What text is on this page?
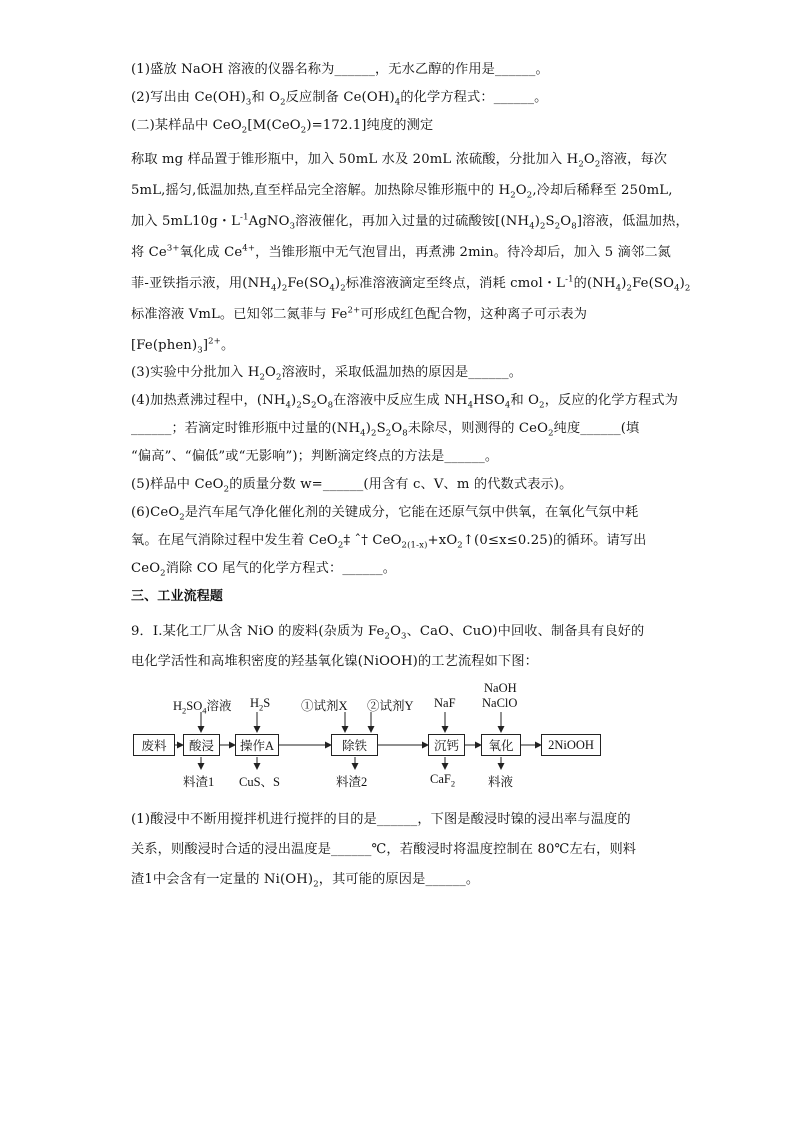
(1)盛放 NaOH 溶液的仪器名称为______，无水乙醇的作用是______。

(2)写出由 $Ce(OH)_3$和 $O_2$反应制备 $Ce(OH)_4$的化学方程式：______。

(二)某样品中 CeO$_2$[M(CeO$_2$)=172.1]纯度的测定

称取 mg 样品置于锥形瓶中，加入 50mL 水及 20mL 浓硫酸，分批加入 $H_2O_2$溶液，每次

5mL,摇匀,低温加热,直至样品完全溶解。加热除尽锥形瓶中的 $H_2O_2$,冷却后稀释至 250mL,

加入 5mL10g・$L^{-1}AgNO_3$溶液催化，再加入过量的过硫酸铵$[(NH_4)_2S_2O_8]$溶液，低温加热，

将 $Ce^{3+}$氧化成 $Ce^{4+}$，当锥形瓶中无气泡冒出，再煮沸 2min。待冷却后，加入 5 滴邻二氮

菲-亚铁指示液，用$(NH_4)_2Fe(SO_4)_2$标准溶液滴定至终点，消耗 cmol・$L^{-1}$的$(NH_4)_2Fe(SO_4)_2$

标准溶液 VmL。已知邻二氮菲与 $Fe^{2+}$可形成红色配合物，这种离子可示表为

$[Fe(phen)_3]^{2+}$。

(3)实验中分批加入 $H_2O_2$溶液时，采取低温加热的原因是______。

(4)加热煮沸过程中，$(NH_4)_2S_2O_8$在溶液中反应生成 $NH_4HSO_4$和 $O_2$，反应的化学方程式为

______；若滴定时锥形瓶中过量的$(NH_4)_2S_2O_8$未除尽，则测得的 CeO$_2$纯度______(填

“偏高”、“偏低”或“无影响”)；判断滴定终点的方法是______。

(5)样品中 CeO$_2$的质量分数 w=______(用含有 c、V、m 的代数式表示)。

(6)CeO$_2$是汽车尾气净化催化剂的关键成分，它能在还原气氛中供氧，在氧化气氛中耗

氧。在尾气消除过程中发生着 CeO$_2$‡ ˆ† $CeO_{2(1-x)}+xO_2↑(0\le x\le 0.25)$的循环。请写出

CeO$_2$消除 CO 尾气的化学方程式：______。

三、工业流程题

9．I.某化工厂从含 NiO 的废料(杂质为 $Fe_2O_3$、CaO、CuO)中回收、制备具有良好的

电化学活性和高堆积密度的羟基氧化镍(NiOOH)的工艺流程如下图：

废料	酸浸	操作A	除铁	沉钙	氧化	2NiOOH
$H_2SO_4$溶液 $H_2S$ ①试剂X ②试剂Y NaF
NaOH
NaClO
料渣1 CuS、S	料渣2	CaF$_2$	料液

(1)酸浸中不断用搅拌机进行搅拌的目的是______，下图是酸浸时镍的浸出率与温度的

关系，则酸浸时合适的浸出温度是______℃，若酸浸时将温度控制在 80℃左右，则料

渣1中会含有一定量的 $Ni(OH)_2$，其可能的原因是______。
